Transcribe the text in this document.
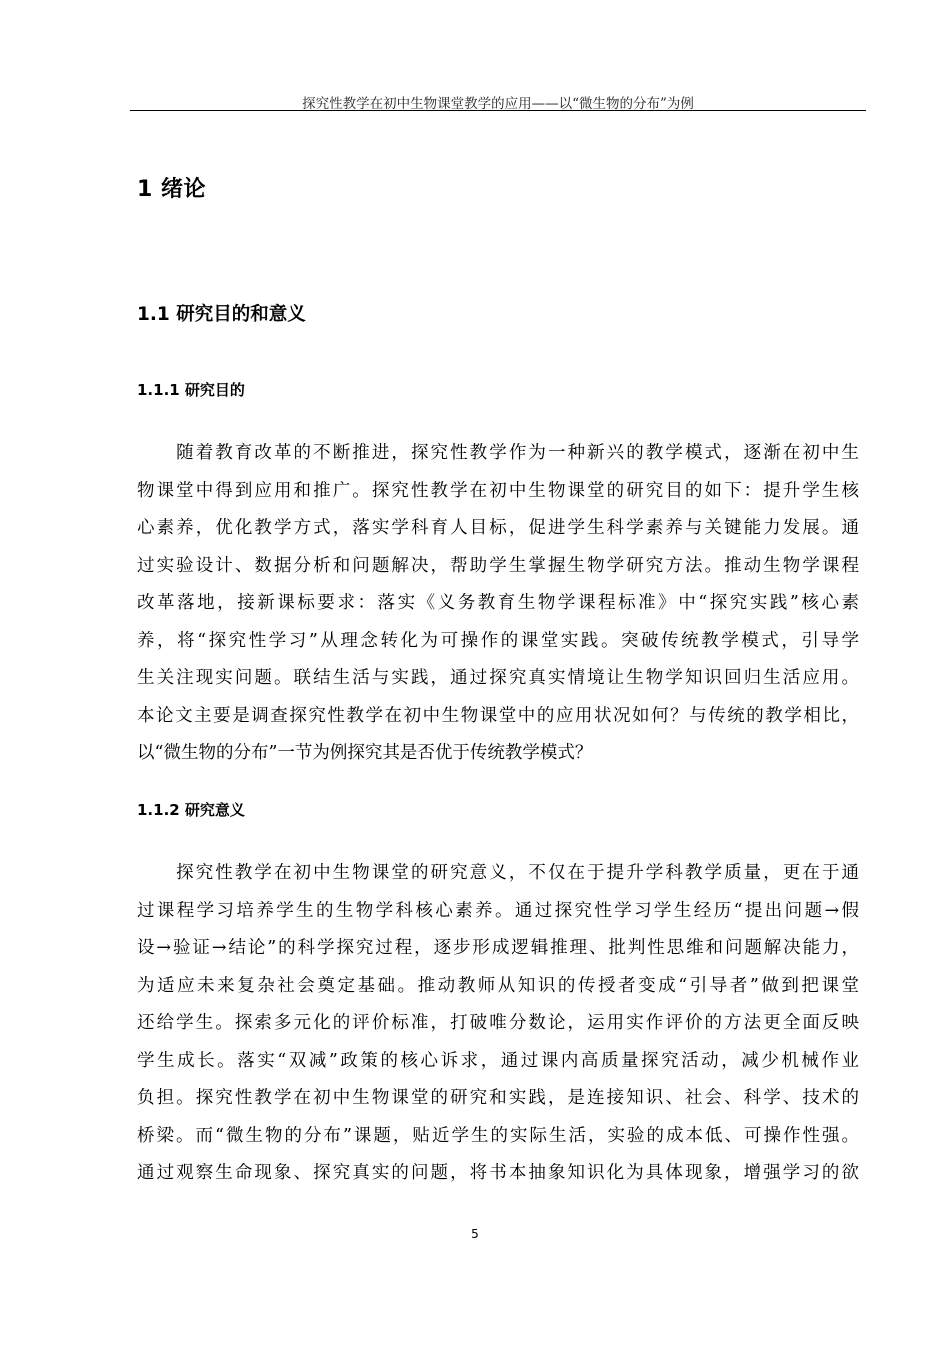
探究性教学在初中生物课堂教学的应用——以“微生物的分布”为例
1 绪论
1.1 研究目的和意义
1.1.1 研究目的
　　随着教育改革的不断推进，探究性教学作为一种新兴的教学模式，逐渐在初中生
物课堂中得到应用和推广。探究性教学在初中生物课堂的研究目的如下：提升学生核
心素养，优化教学方式，落实学科育人目标，促进学生科学素养与关键能力发展。通
过实验设计、数据分析和问题解决，帮助学生掌握生物学研究方法。推动生物学课程
改革落地，接新课标要求：落实《义务教育生物学课程标准》中“探究实践”核心素
养，将“探究性学习”从理念转化为可操作的课堂实践。突破传统教学模式，引导学
生关注现实问题。联结生活与实践，通过探究真实情境让生物学知识回归生活应用。
本论文主要是调查探究性教学在初中生物课堂中的应用状况如何？与传统的教学相比，
以“微生物的分布”一节为例探究其是否优于传统教学模式？
1.1.2 研究意义
　　探究性教学在初中生物课堂的研究意义，不仅在于提升学科教学质量，更在于通
过课程学习培养学生的生物学科核心素养。通过探究性学习学生经历“提出问题→假
设→验证→结论”的科学探究过程，逐步形成逻辑推理、批判性思维和问题解决能力，
为适应未来复杂社会奠定基础。推动教师从知识的传授者变成“引导者”做到把课堂
还给学生。探索多元化的评价标准，打破唯分数论，运用实作评价的方法更全面反映
学生成长。落实“双减”政策的核心诉求，通过课内高质量探究活动，减少机械作业
负担。探究性教学在初中生物课堂的研究和实践，是连接知识、社会、科学、技术的
桥梁。而“微生物的分布”课题，贴近学生的实际生活，实验的成本低、可操作性强。
通过观察生命现象、探究真实的问题，将书本抽象知识化为具体现象，增强学习的欲
5
